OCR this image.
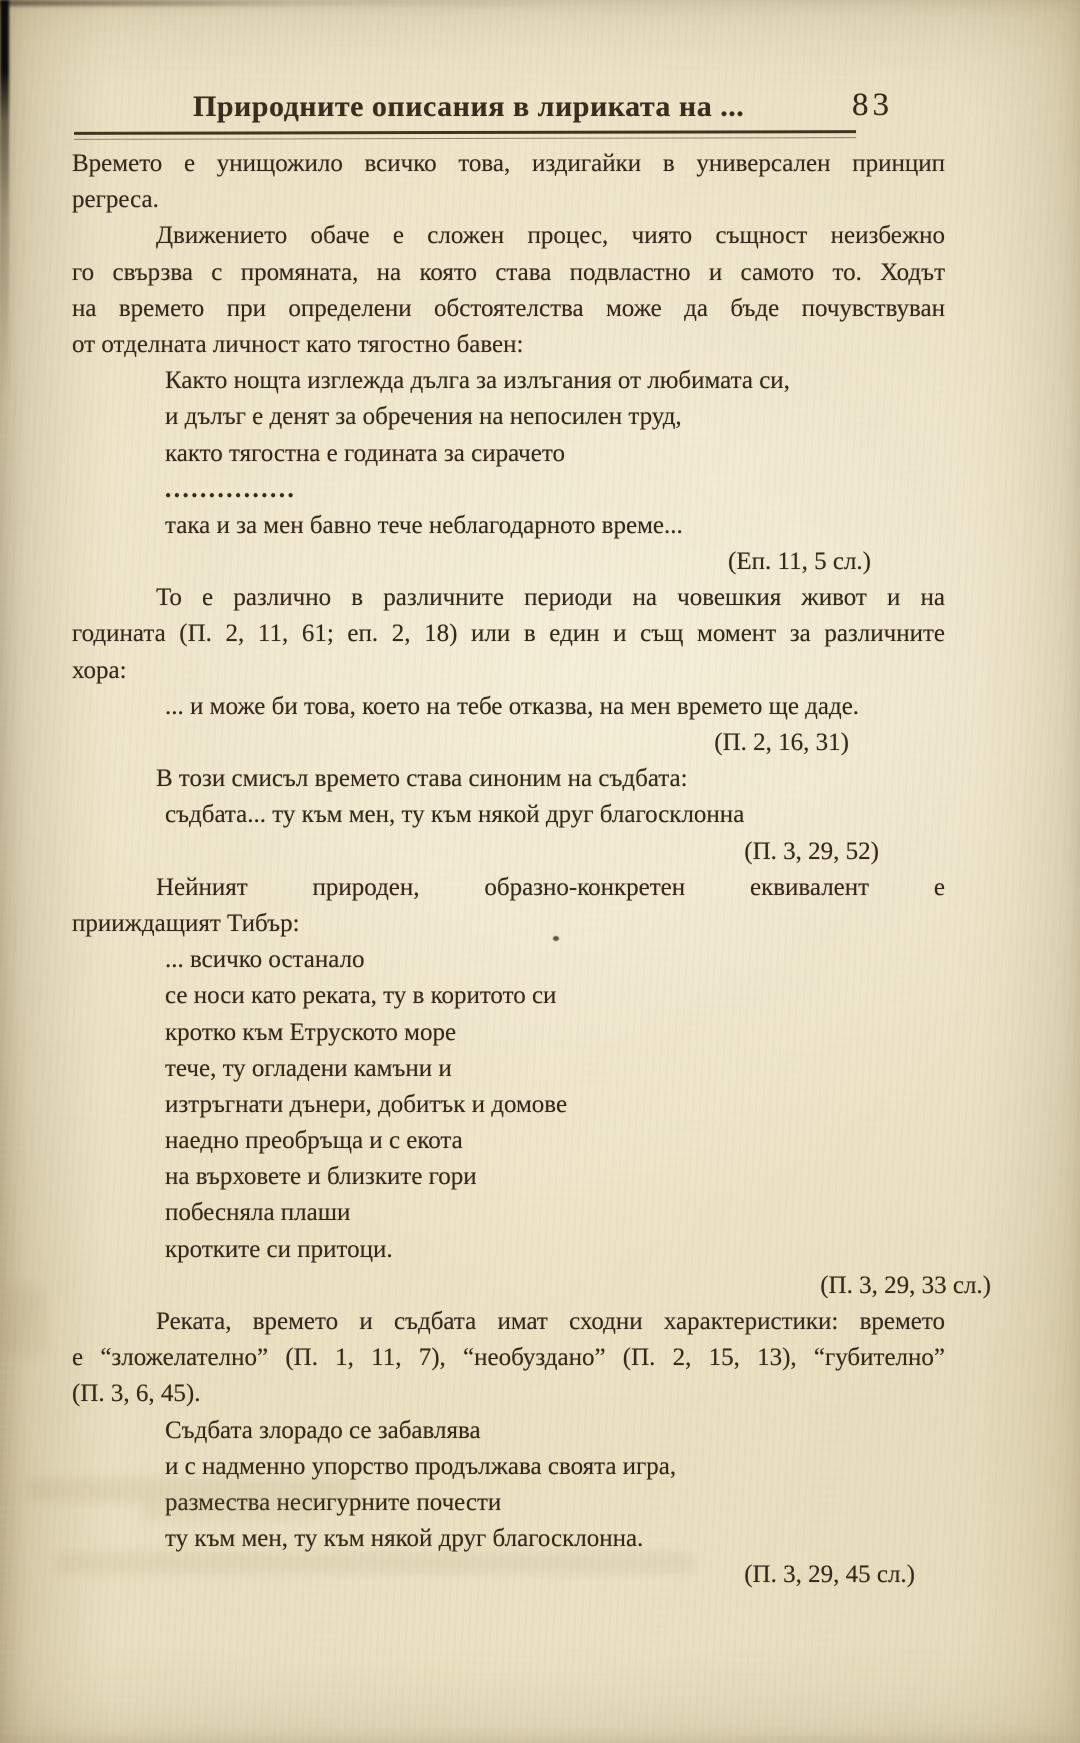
Природните описания в лириката на ...	83
Времето е унищожило всичко това, издигайки в универсален принцип
регреса.
Движението обаче е сложен процес, чиято същност неизбежно
го свързва с промяната, на която става подвластно и самото то. Ходът
на времето при определени обстоятелства може да бъде почувствуван
от отделната личност като тягостно бавен:
Както нощта изглежда дълга за излъгания от любимата си,
и дълъг е денят за обречения на непосилен труд,
както тягостна е годината за сирачето
...............
така и за мен бавно тече неблагодарното време...
(Еп. 11, 5 сл.)
То е различно в различните периоди на човешкия живот и на
годината (П. 2, 11, 61; еп. 2, 18) или в един и същ момент за различните
хора:
... и може би това, което на тебе отказва, на мен времето ще даде.
(П. 2, 16, 31)
В този смисъл времето става синоним на съдбата:
съдбата... ту към мен, ту към някой друг благосклонна
(П. 3, 29, 52)
Нейният природен, образно-конкретен еквивалент е
прииждащият Тибър:
... всичко останало
се носи като реката, ту в коритото си
кротко към Етруското море
тече, ту огладени камъни и
изтръгнати дънери, добитък и домове
наедно преобръща и с екота
на върховете и близките гори
побесняла плаши
кротките си притоци.
(П. 3, 29, 33 сл.)
Реката, времето и съдбата имат сходни характеристики: времето
е “зложелателно” (П. 1, 11, 7), “необуздано” (П. 2, 15, 13), “губително”
(П. 3, 6, 45).
Съдбата злорадо се забавлява
и с надменно упорство продължава своята игра,
размества несигурните почести
ту към мен, ту към някой друг благосклонна.
(П. 3, 29, 45 сл.)
